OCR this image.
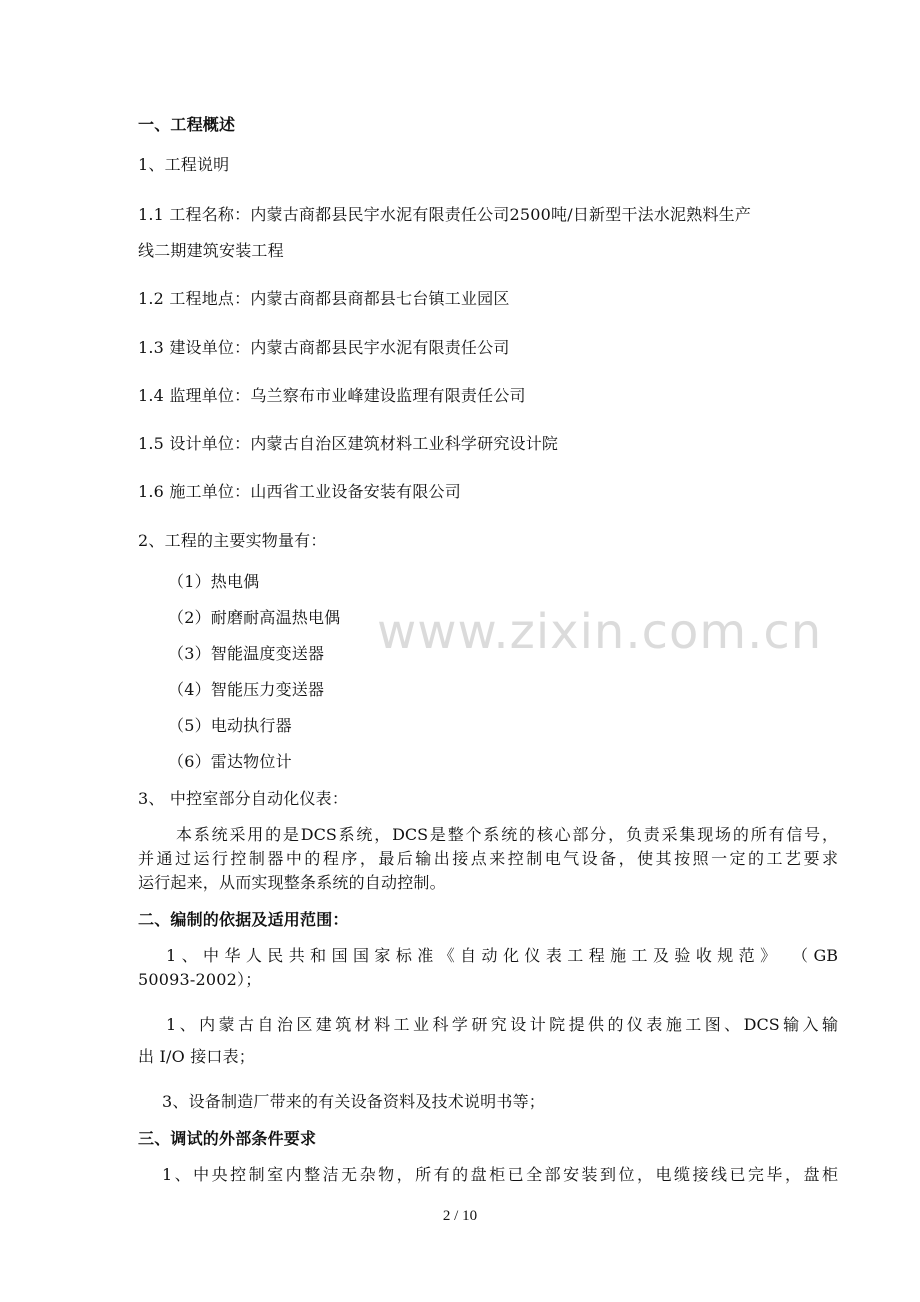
一、工程概述
1、工程说明
1.1 工程名称：内蒙古商都县民宇水泥有限责任公司2500吨/日新型干法水泥熟料生产
线二期建筑安装工程
1.2 工程地点：内蒙古商都县商都县七台镇工业园区
1.3 建设单位：内蒙古商都县民宇水泥有限责任公司
1.4 监理单位：乌兰察布市业峰建设监理有限责任公司
1.5 设计单位：内蒙古自治区建筑材料工业科学研究设计院
1.6 施工单位：山西省工业设备安装有限公司
2、工程的主要实物量有：
（1）热电偶
（2）耐磨耐高温热电偶
（3）智能温度变送器
（4）智能压力变送器
（5）电动执行器
（6）雷达物位计
3、 中控室部分自动化仪表：
本系统采用的是DCS系统，DCS是整个系统的核心部分，负责采集现场的所有信号，
并通过运行控制器中的程序，最后输出接点来控制电气设备，使其按照一定的工艺要求
运行起来，从而实现整条系统的自动控制。
二、编制的依据及适用范围：
1、中华人民共和国国家标准《自动化仪表工程施工及验收规范》 （GB
50093-2002）；
1、内蒙古自治区建筑材料工业科学研究设计院提供的仪表施工图、DCS输入输
出 I/O 接口表；
3、设备制造厂带来的有关设备资料及技术说明书等；
三、调试的外部条件要求
1、中央控制室内整洁无杂物，所有的盘柜已全部安装到位，电缆接线已完毕，盘柜
www.zixin.com.cn
2 / 10
